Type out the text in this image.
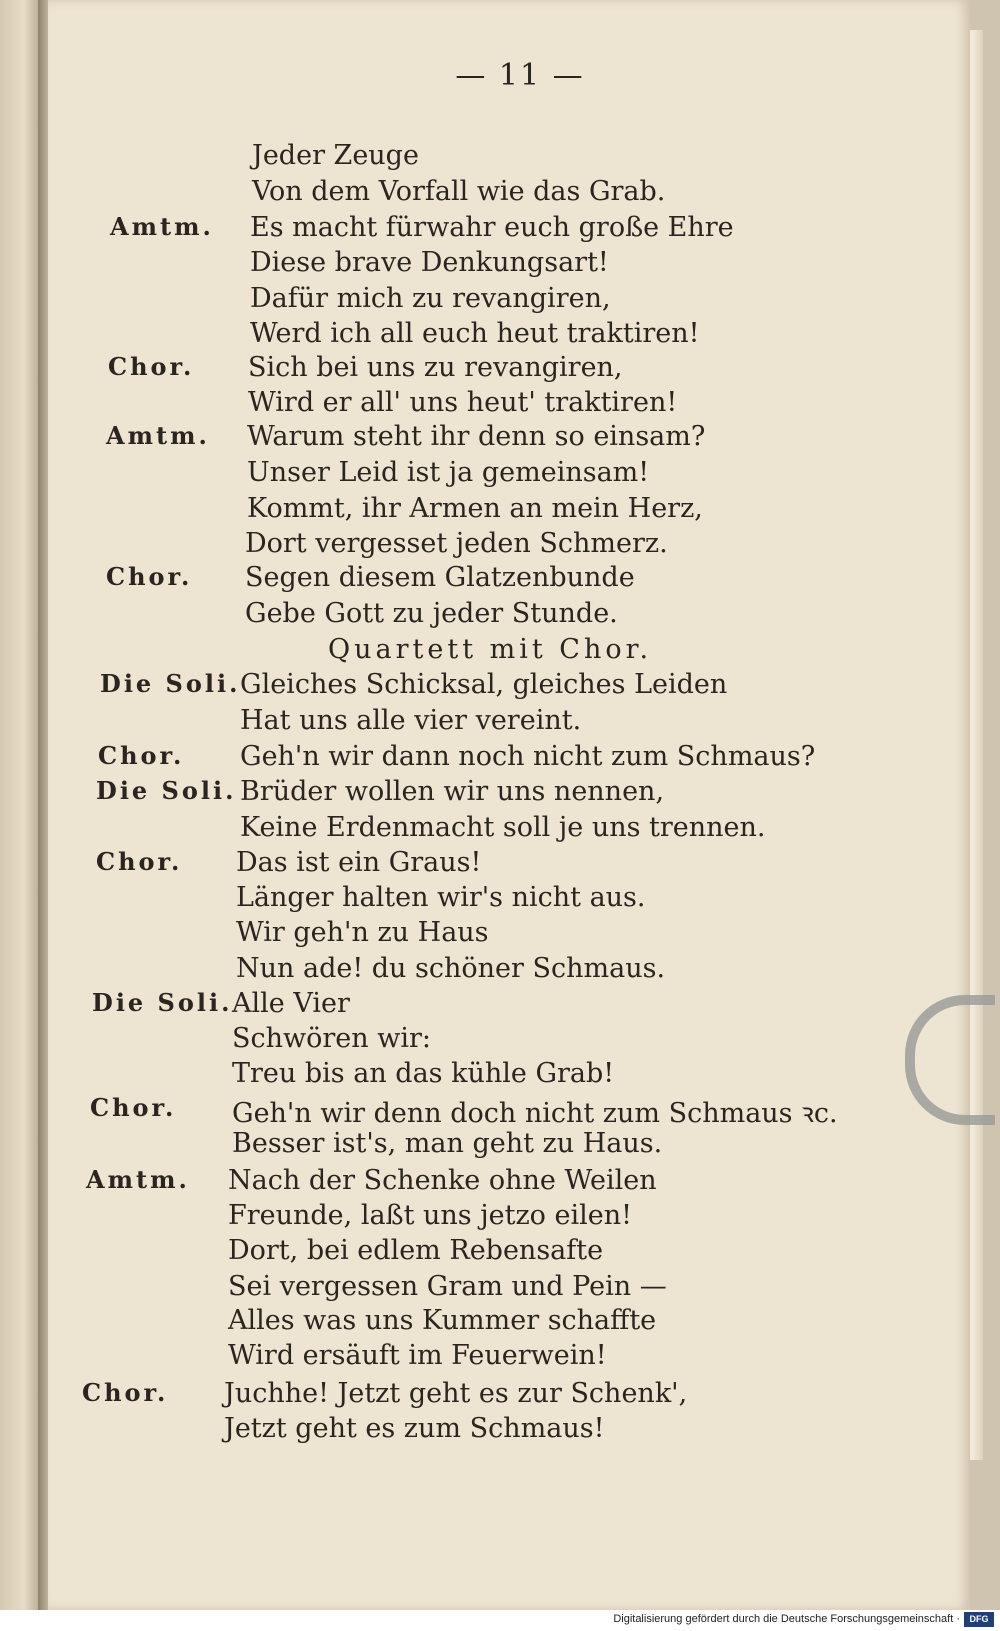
— 11 —
Jeder Zeuge
Von dem Vorfall wie das Grab.
Amtm. Es macht fürwahr euch große Ehre
Diese brave Denkungsart!
Dafür mich zu revangiren,
Werd ich all euch heut traktiren!
Chor. Sich bei uns zu revangiren,
Wird er all' uns heut' traktiren!
Amtm. Warum steht ihr denn so einsam?
Unser Leid ist ja gemeinsam!
Kommt, ihr Armen an mein Herz,
Dort vergesset jeden Schmerz.
Chor. Segen diesem Glatzenbunde
Gebe Gott zu jeder Stunde.
Quartett mit Chor.
Die Soli. Gleiches Schicksal, gleiches Leiden
Hat uns alle vier vereint.
Chor. Geh'n wir dann noch nicht zum Schmaus?
Die Soli. Brüder wollen wir uns nennen,
Keine Erdenmacht soll je uns trennen.
Chor. Das ist ein Graus!
Länger halten wir's nicht aus.
Wir geh'n zu Haus
Nun ade! du schöner Schmaus.
Die Soli. Alle Vier
Schwören wir:
Treu bis an das kühle Grab!
Chor. Geh'n wir denn doch nicht zum Schmaus ꝛc.
Besser ist's, man geht zu Haus.
Amtm. Nach der Schenke ohne Weilen
Freunde, laßt uns jetzo eilen!
Dort, bei edlem Rebensafte
Sei vergessen Gram und Pein —
Alles was uns Kummer schaffte
Wird ersäuft im Feuerwein!
Chor. Juchhe! Jetzt geht es zur Schenk',
Jetzt geht es zum Schmaus!
Digitalisierung gefördert durch die Deutsche Forschungsgemeinschaft ·	DFG
